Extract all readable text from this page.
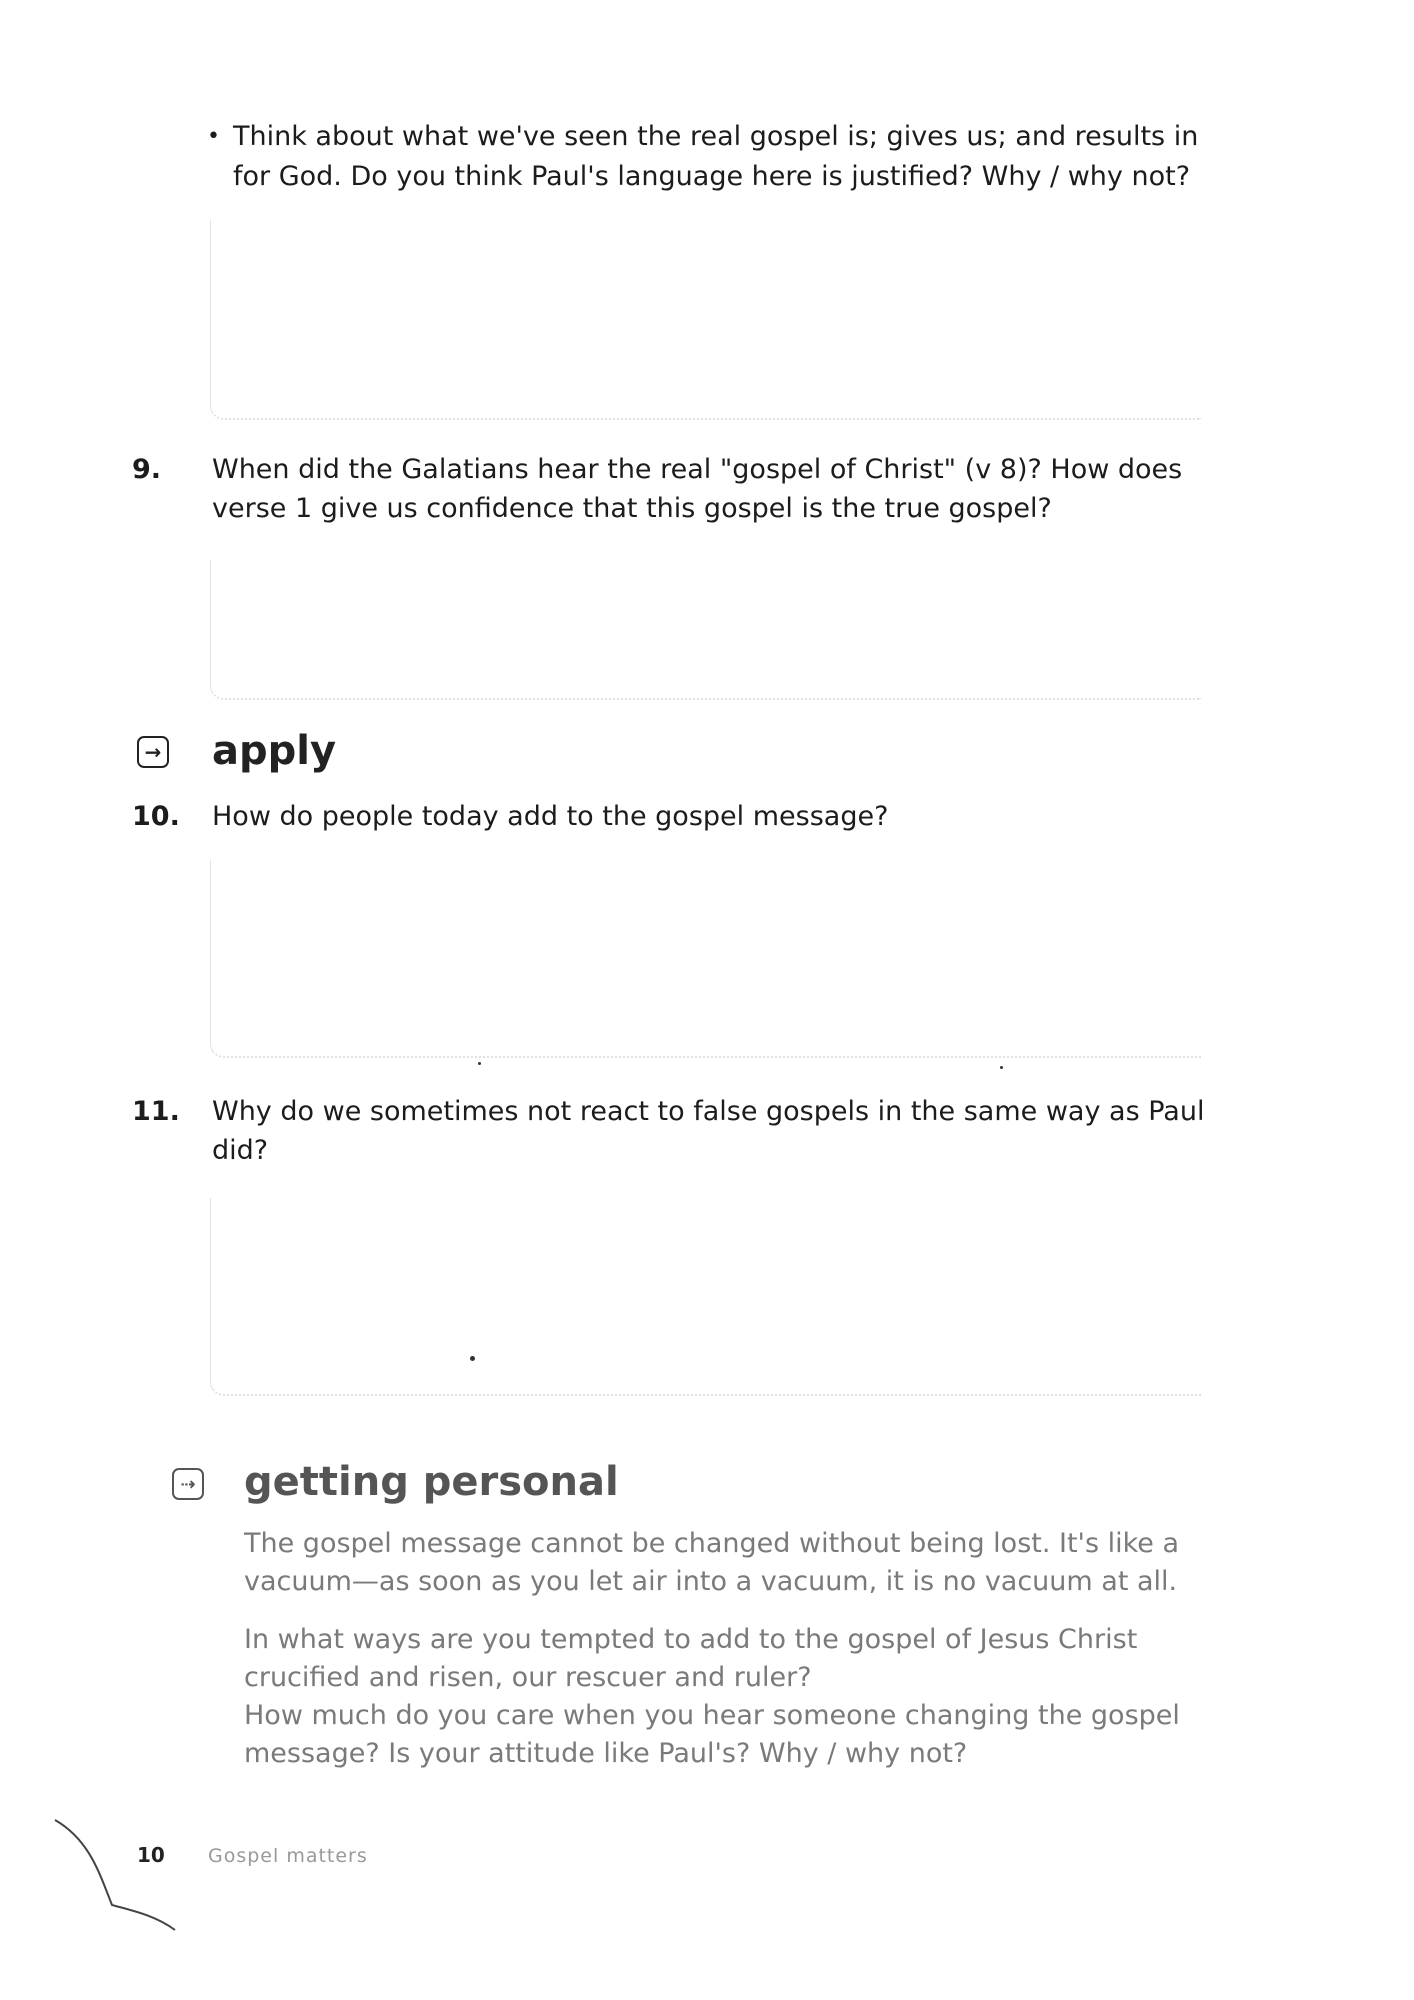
• Think about what we've seen the real gospel is; gives us; and results in for God. Do you think Paul's language here is justified? Why / why not?
9. When did the Galatians hear the real "gospel of Christ" (v 8)? How does verse 1 give us confidence that this gospel is the true gospel?
→ apply
10. How do people today add to the gospel message?
11. Why do we sometimes not react to false gospels in the same way as Paul did?
⇢ getting personal
The gospel message cannot be changed without being lost. It's like a vacuum—as soon as you let air into a vacuum, it is no vacuum at all.
In what ways are you tempted to add to the gospel of Jesus Christ crucified and risen, our rescuer and ruler?
How much do you care when you hear someone changing the gospel message? Is your attitude like Paul's? Why / why not?
10 Gospel matters
